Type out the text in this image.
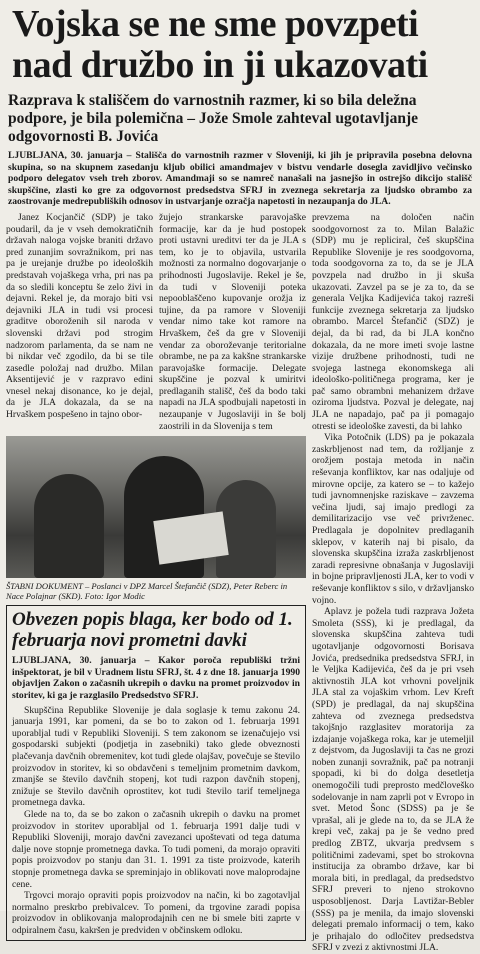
Vojska se ne sme povzpeti nad družbo in ji ukazovati
Razprava k stališčem do varnostnih razmer, ki so bila deležna podpore, je bila polemična – Jože Smole zahteval ugotavljanje odgovornosti B. Jovića

LJUBLJANA, 30. januarja – Stališča do varnostnih razmer v Sloveniji, ki jih je pripravila posebna delovna skupina, so na skupnem zasedanju kljub obilici amandmajev v bistvu vendarle dosegla zavidljivo večinsko podporo delegatov vseh treh zborov. Amandmaji so se namreč nanašali na jasnejšo in ostrejšo dikcijo stališč skupščine, zlasti ko gre za odgovornost predsedstva SFRJ in zveznega sekretarja za ljudsko obrambo za zaostrovanje medrepubliških odnosov in ustvarjanje ozračja napetosti in nezaupanja do JLA.

Janez Kocjančič (SDP) je tako poudaril, da je v vseh demokratičnih državah naloga vojske braniti državo pred zunanjim sovražnikom, pri nas pa je urejanje družbe po ideoloških predstavah vojaškega vrha, pri nas pa da so sledili konceptu še zelo živi in dejavni. Rekel je, da morajo biti vsi dejavniki JLA in tudi vsi procesi graditve oboroženih sil naroda v slovenski državi pod strogim nadzorom parlamenta, da se nam ne bi nikdar več zgodilo, da bi se tile zasedle položaj nad družbo. Milan Aksentijević je v razpravo edini vnesel nekaj disonance, ko je dejal, da je JLA dokazala, da se na Hrvaškem pospešeno in tajno obor-

žujejo strankarske paravojaške formacije, kar da je hud postopek proti ustavni ureditvi ter da je JLA s tem, ko je to objavila, ustvarila možnosti za normalno dogovarjanje o prihodnosti Jugoslavije. Rekel je še, da tudi v Sloveniji poteka nepooblaščeno kupovanje orožja iz tujine, da pa ramore v Sloveniji vendar nimo take kot ramore na Hrvaškem, češ da gre v Sloveniji vendar za oboroževanje teritorialne obrambe, ne pa za kakšne strankarske paravojaške formacije. Delegate skupščine je pozval k umiritvi predlaganih stališč, češ da bodo taki napadi na JLA spodbujali napetosti in nezaupanje v Jugoslaviji in še bolj zaostrili in da Slovenija s tem

ŠTABNI DOKUMENT – Poslanci v DPZ Marcel Štefančič (SDZ), Peter Reberc in Nace Polajnar (SKD). Foto: Igor Modic
Obvezen popis blaga, ker bodo od 1. februarja novi prometni davki

LJUBLJANA, 30. januarja – Kakor poroča republiški tržni inšpektorat, je bil v Uradnem listu SFRJ, št. 4 z dne 18. januarja 1990 objavljen Zakon o začasnih ukrepih o davku na promet proizvodov in storitev, ki ga je razglasilo Predsedstvo SFRJ.

Skupščina Republike Slovenije je dala soglasje k temu zakonu 24. januarja 1991, kar pomeni, da se bo to zakon od 1. februarja 1991 uporabljal tudi v Republiki Sloveniji. S tem zakonom se izenačujejo vsi gospodarski subjekti (podjetja in zasebniki) tako glede obveznosti plačevanja davčnih obremenitev, kot tudi glede olajšav, povečuje se število proizvodov in storitev, ki so obdavčeni s temeljnim prometnim davkom, zmanjše se število davčnih stopenj, kot tudi razpon davčnih stopenj, znižuje se število davčnih oprostitev, kot tudi število tarif temeljnega prometnega davka.

Glede na to, da se bo zakon o začasnih ukrepih o davku na promet proizvodov in storitev uporabljal od 1. februarja 1991 dalje tudi v Republiki Sloveniji, morajo davčni zavezanci upoštevati od tega datuma dalje nove stopnje prometnega davka. To tudi pomeni, da morajo opraviti popis proizvodov po stanju dan 31. 1. 1991 za tiste proizvode, katerih stopnje prometnega davka se spreminjajo in oblikovati nove maloprodajne cene.

Trgovci morajo opraviti popis proizvodov na način, ki bo zagotavljal normalno preskrbo prebivalcev. To pomeni, da trgovine zaradi popisa proizvodov in oblikovanja maloprodajnih cen ne bi smele biti zaprte v odpiralnem času, kakršen je predviden v občinskem odloku.

prevzema na določen način soodgovornost za to. Milan Balažic (SDP) mu je repliciral, češ skupščina Republike Slovenije je res soodgovorna, toda soodgovorna za to, da se je JLA povzpela nad družbo in ji skuša ukazovati. Zavzel pa se je za to, da se generala Veljka Kadijevića takoj razreši funkcije zveznega sekretarja za ljudsko obrambo. Marcel Štefančič (SDZ) je dejal, da bi rad, da bi JLA končno dokazala, da ne more imeti svoje lastne vizije družbene prihodnosti, tudi ne svojega lastnega ekonomskega ali ideološko-političnega programa, ker je pač samo obrambni mehanizem države oziroma ljudstva. Pozval je delegate, naj JLA ne napadajo, pač pa ji pomagajo otresti se ideološke zavesti, da bi lahko

Vika Potočnik (LDS) pa je pokazala zaskrbljenost nad tem, da rožljanje z orožjem postaja metoda in način reševanja konfliktov, kar nas odaljuje od mirovne opcije, za katero se – to kažejo tudi javnomnenjske raziskave – zavzema večina ljudi, saj imajo predlogi za demilitarizacijo vse več privrženec. Predlagala je dopolnitev predlaganih sklepov, v katerih naj bi pisalo, da slovenska skupščina izraža zaskrbljenost zaradi represivne obnašanja v Jugoslaviji in bojne pripravljenosti JLA, ker to vodi v reševanje konfliktov s silo, v državljansko vojno.

Aplavz je požela tudi razprava Jožeta Smoleta (SSS), ki je predlagal, da slovenska skupščina zahteva tudi ugotavljanje odgovornosti Borisava Jovića, predsednika predsedstva SFRJ, in le Veljka Kadijevića, češ da je pri vseh aktivnostih JLA kot vrhovni poveljnik JLA stal za vojaškim vrhom. Lev Kreft (SPD) je predlagal, da naj skupščina zahteva od zveznega predsedstva takojšnjo razglasitev moratorija za izdajanje vojaškega roka, kar je utemeljil z dejstvom, da Jugoslaviji ta čas ne grozi noben zunanji sovražnik, pač pa notranji spopadi, ki bi do dolga desetletja onemogočili tudi preprosto medčloveško sodelovanje in nam zaprli pot v Evropo in svet. Metod Šonc (SDSS) pa je še vprašal, ali je glede na to, da se JLA že krepi več, zakaj pa je še vedno pred predlog ZBTZ, ukvarja predvsem s političnimi zadevami, spet bo strokovna institucija za obrambo države, kar bi morala biti, in predlagal, da predsedstvo SFRJ preveri to njeno strokovno usposobljenost. Darja Lavtižar-Bebler (SSS) pa je menila, da imajo slovenski delegati premalo informacij o tem, kako je prihajalo do odločitev predsedstva SFRJ v zvezi z aktivnostmi JLA.
